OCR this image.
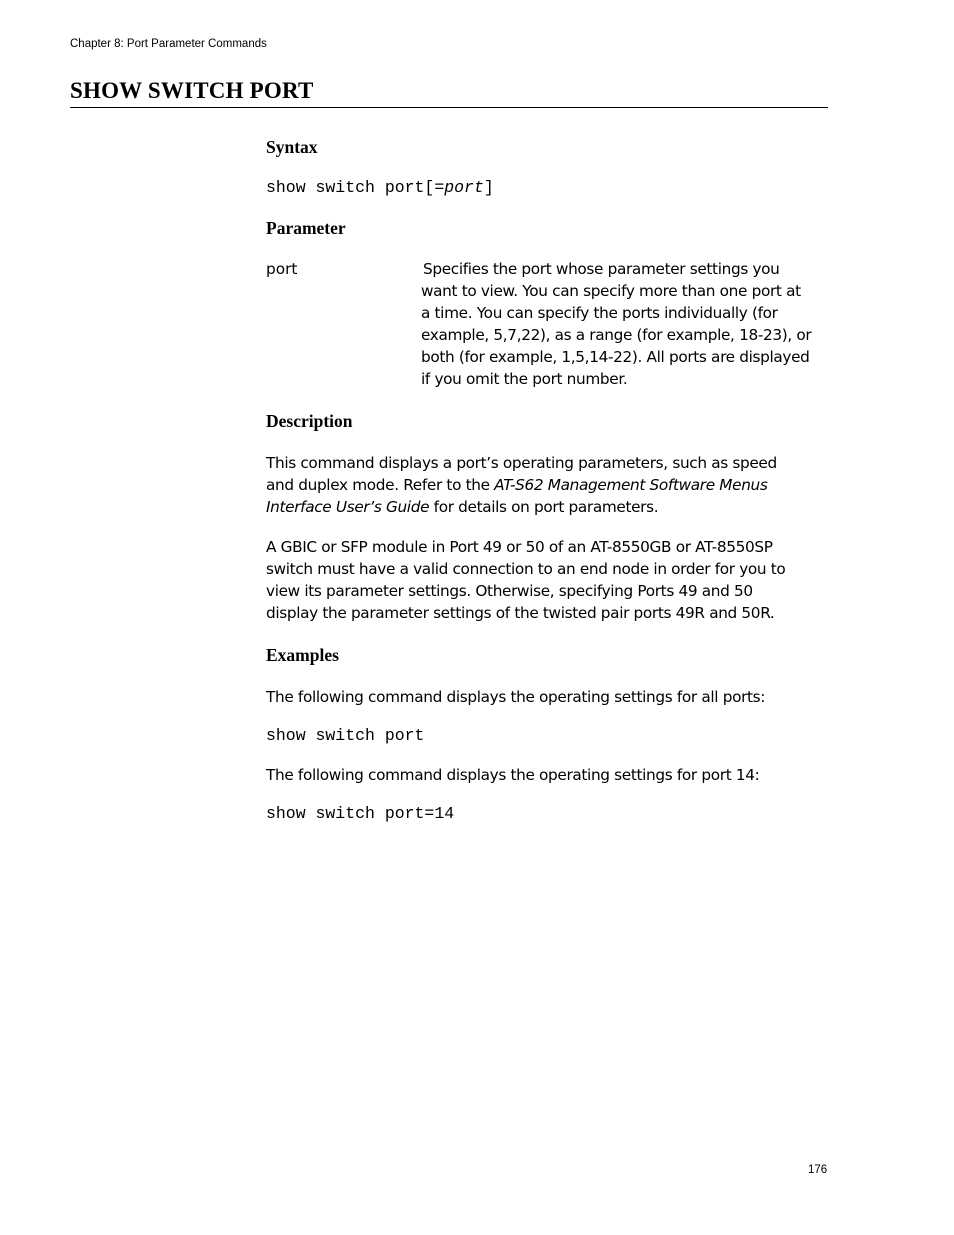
Chapter 8: Port Parameter Commands
SHOW SWITCH PORT
Syntax
show switch port[=port]
Parameter
port	Specifies the port whose parameter settings you
want to view. You can specify more than one port at
a time. You can specify the ports individually (for
example, 5,7,22), as a range (for example, 18-23), or
both (for example, 1,5,14-22). All ports are displayed
if you omit the port number.
Description
This command displays a port’s operating parameters, such as speed
and duplex mode. Refer to the AT-S62 Management Software Menus
Interface User’s Guide for details on port parameters.
A GBIC or SFP module in Port 49 or 50 of an AT-8550GB or AT-8550SP
switch must have a valid connection to an end node in order for you to
view its parameter settings. Otherwise, specifying Ports 49 and 50
display the parameter settings of the twisted pair ports 49R and 50R.
Examples
The following command displays the operating settings for all ports:
show switch port
The following command displays the operating settings for port 14:
show switch port=14
176
